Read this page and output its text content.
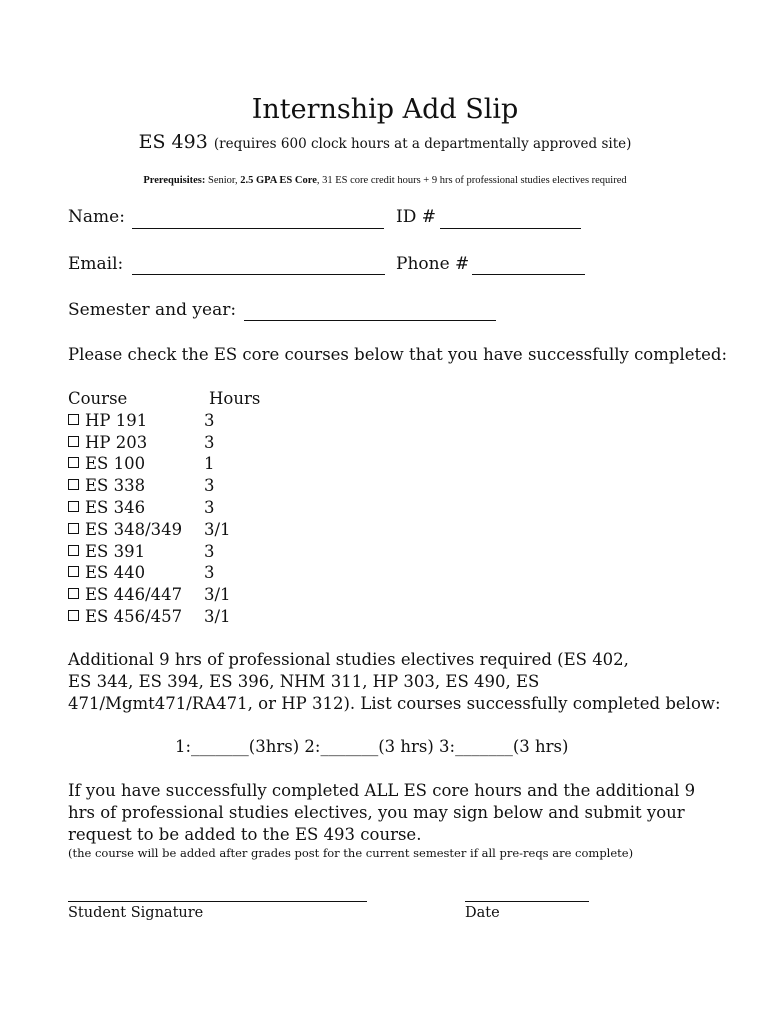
Internship Add Slip
ES 493 (requires 600 clock hours at a departmentally approved site)
Prerequisites: Senior, 2.5 GPA ES Core, 31 ES core credit hours + 9 hrs of professional studies electives required
Name:	ID #
Email:	Phone #
Semester and year:
Please check the ES core courses below that you have successfully completed:
Course	Hours
HP 191	3
HP 203	3
ES 100	1
ES 338	3
ES 346	3
ES 348/349 3/1
ES 391	3
ES 440	3
ES 446/447 3/1
ES 456/457 3/1
Additional 9 hrs of professional studies electives required (ES 402,
ES 344, ES 394, ES 396, NHM 311, HP 303, ES 490, ES
471/Mgmt471/RA471, or HP 312). List courses successfully completed below:
1:_______(3hrs) 2:_______(3 hrs) 3:_______(3 hrs)
If you have successfully completed ALL ES core hours and the additional 9
hrs of professional studies electives, you may sign below and submit your
request to be added to the ES 493 course.
(the course will be added after grades post for the current semester if all pre-reqs are complete)
Student Signature	Date
